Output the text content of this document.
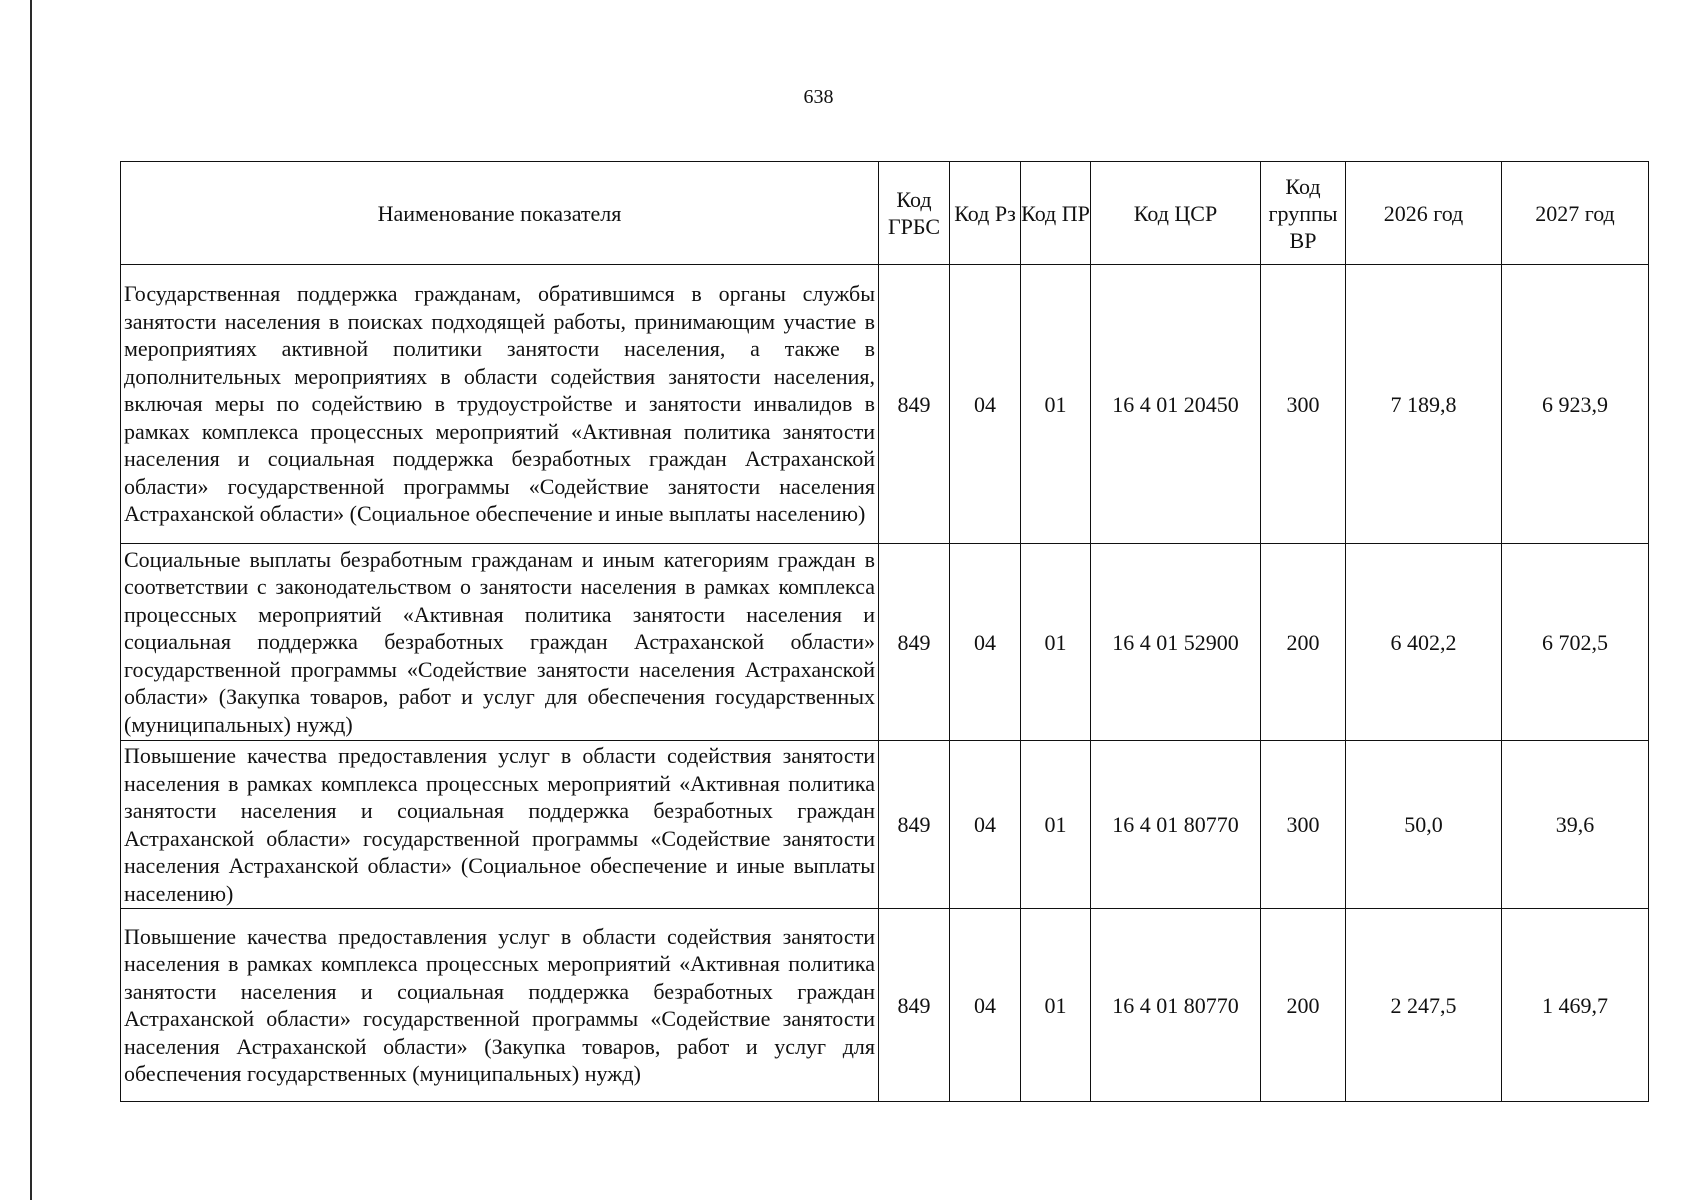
638
Наименование показателя	Код ГРБС	Код Рз	Код ПР	Код ЦСР	Код группы ВР	2026 год	2027 год
Государственная поддержка гражданам, обратившимся в органы службы занятости населения в поисках подходящей работы, принимающим участие в мероприятиях активной политики занятости населения, а также в дополнительных мероприятиях в области содействия занятости населения, включая меры по содействию в трудоустройстве и занятости инвалидов в рамках комплекса процессных мероприятий «Активная политика занятости населения и социальная поддержка безработных граждан Астраханской области» государственной программы «Содействие занятости населения Астраханской области» (Социальное обеспечение и иные выплаты населению)	849	04	01	16 4 01 20450	300	7 189,8	6 923,9
Социальные выплаты безработным гражданам и иным категориям граждан в соответствии с законодательством о занятости населения в рамках комплекса процессных мероприятий «Активная политика занятости населения и социальная поддержка безработных граждан Астраханской области» государственной программы «Содействие занятости населения Астраханской области» (Закупка товаров, работ и услуг для обеспечения государственных (муниципальных) нужд)	849	04	01	16 4 01 52900	200	6 402,2	6 702,5
Повышение качества предоставления услуг в области содействия занятости населения в рамках комплекса процессных мероприятий «Активная политика занятости населения и социальная поддержка безработных граждан Астраханской области» государственной программы «Содействие занятости населения Астраханской области» (Социальное обеспечение и иные выплаты населению)	849	04	01	16 4 01 80770	300	50,0	39,6
Повышение качества предоставления услуг в области содействия занятости населения в рамках комплекса процессных мероприятий «Активная политика занятости населения и социальная поддержка безработных граждан Астраханской области» государственной программы «Содействие занятости населения Астраханской области» (Закупка товаров, работ и услуг для обеспечения государственных (муниципальных) нужд)	849	04	01	16 4 01 80770	200	2 247,5	1 469,7
